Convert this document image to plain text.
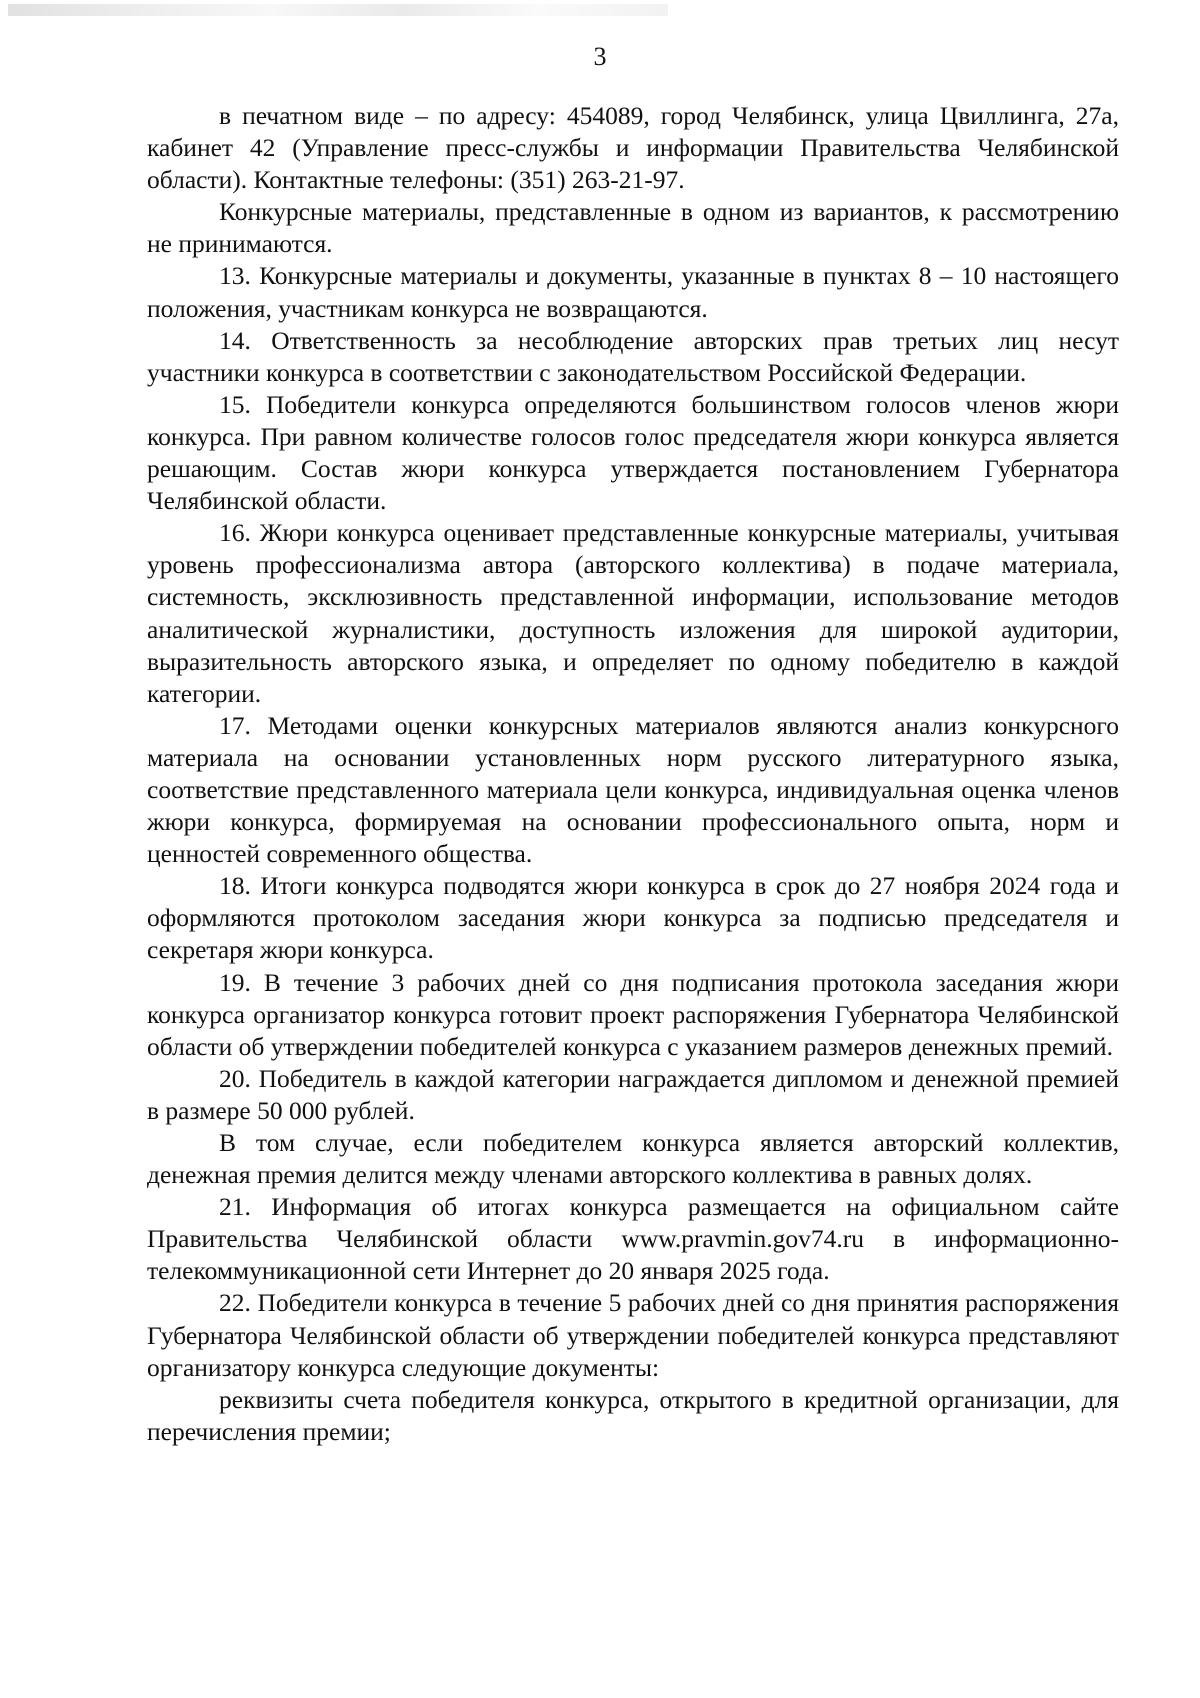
3

в печатном виде – по адресу: 454089, город Челябинск, улица Цвиллинга, 27а, кабинет 42 (Управление пресс-службы и информации Правительства Челябинской области). Контактные телефоны: (351) 263-21-97.

Конкурсные материалы, представленные в одном из вариантов, к рассмотрению не принимаются.

13. Конкурсные материалы и документы, указанные в пунктах 8 – 10 настоящего положения, участникам конкурса не возвращаются.

14. Ответственность за несоблюдение авторских прав третьих лиц несут участники конкурса в соответствии с законодательством Российской Федерации.

15. Победители конкурса определяются большинством голосов членов жюри конкурса. При равном количестве голосов голос председателя жюри конкурса является решающим. Состав жюри конкурса утверждается постановлением Губернатора Челябинской области.

16. Жюри конкурса оценивает представленные конкурсные материалы, учитывая уровень профессионализма автора (авторского коллектива) в подаче материала, системность, эксклюзивность представленной информации, использование методов аналитической журналистики, доступность изложения для широкой аудитории, выразительность авторского языка, и определяет по одному победителю в каждой категории.

17. Методами оценки конкурсных материалов являются анализ конкурсного материала на основании установленных норм русского литературного языка, соответствие представленного материала цели конкурса, индивидуальная оценка членов жюри конкурса, формируемая на основании профессионального опыта, норм и ценностей современного общества.

18. Итоги конкурса подводятся жюри конкурса в срок до 27 ноября 2024 года и оформляются протоколом заседания жюри конкурса за подписью председателя и секретаря жюри конкурса.

19. В течение 3 рабочих дней со дня подписания протокола заседания жюри конкурса организатор конкурса готовит проект распоряжения Губернатора Челябинской области об утверждении победителей конкурса с указанием размеров денежных премий.

20. Победитель в каждой категории награждается дипломом и денежной премией в размере 50 000 рублей.

В том случае, если победителем конкурса является авторский коллектив, денежная премия делится между членами авторского коллектива в равных долях.

21. Информация об итогах конкурса размещается на официальном сайте Правительства Челябинской области www.pravmin.gov74.ru в информационно-телекоммуникационной сети Интернет до 20 января 2025 года.

22. Победители конкурса в течение 5 рабочих дней со дня принятия распоряжения Губернатора Челябинской области об утверждении победителей конкурса представляют организатору конкурса следующие документы:

реквизиты счета победителя конкурса, открытого в кредитной организации, для перечисления премии;
